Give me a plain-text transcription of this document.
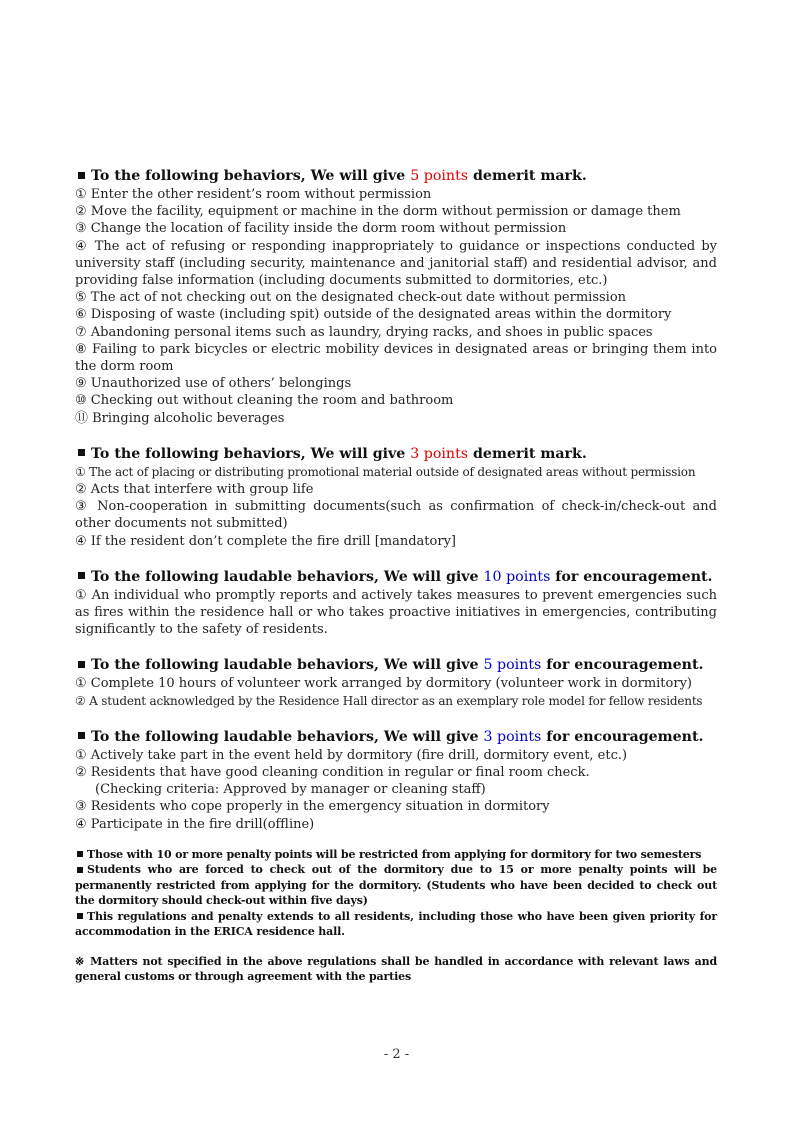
To the following behaviors, We will give 5 points demerit mark.

① Enter the other resident’s room without permission

② Move the facility, equipment or machine in the dorm without permission or damage them

③ Change the location of facility inside the dorm room without permission

④ The act of refusing or responding inappropriately to guidance or inspections conducted by university staff (including security, maintenance and janitorial staff) and residential advisor, and providing false information (including documents submitted to dormitories, etc.)

⑤ The act of not checking out on the designated check-out date without permission

⑥ Disposing of waste (including spit) outside of the designated areas within the dormitory

⑦ Abandoning personal items such as laundry, drying racks, and shoes in public spaces

⑧ Failing to park bicycles or electric mobility devices in designated areas or bringing them into the dorm room

⑨ Unauthorized use of others’ belongings

⑩ Checking out without cleaning the room and bathroom

⑪ Bringing alcoholic beverages

To the following behaviors, We will give 3 points demerit mark.

① The act of placing or distributing promotional material outside of designated areas without permission

② Acts that interfere with group life

③ Non-cooperation in submitting documents(such as confirmation of check-in/check-out and other documents not submitted)

④ If the resident don’t complete the fire drill [mandatory]

To the following laudable behaviors, We will give 10 points for encouragement.

① An individual who promptly reports and actively takes measures to prevent emergencies such as fires within the residence hall or who takes proactive initiatives in emergencies, contributing significantly to the safety of residents.

To the following laudable behaviors, We will give 5 points for encouragement.

① Complete 10 hours of volunteer work arranged by dormitory (volunteer work in dormitory)

② A student acknowledged by the Residence Hall director as an exemplary role model for fellow residents

To the following laudable behaviors, We will give 3 points for encouragement.

① Actively take part in the event held by dormitory (fire drill, dormitory event, etc.)

② Residents that have good cleaning condition in regular or final room check.

(Checking criteria: Approved by manager or cleaning staff)

③ Residents who cope properly in the emergency situation in dormitory

④ Participate in the fire drill(offline)

Those with 10 or more penalty points will be restricted from applying for dormitory for two semesters

Students who are forced to check out of the dormitory due to 15 or more penalty points will be permanently restricted from applying for the dormitory. (Students who have been decided to check out the dormitory should check-out within five days)

This regulations and penalty extends to all residents, including those who have been given priority for accommodation in the ERICA residence hall.

※ Matters not specified in the above regulations shall be handled in accordance with relevant laws and general customs or through agreement with the parties

- 2 -
